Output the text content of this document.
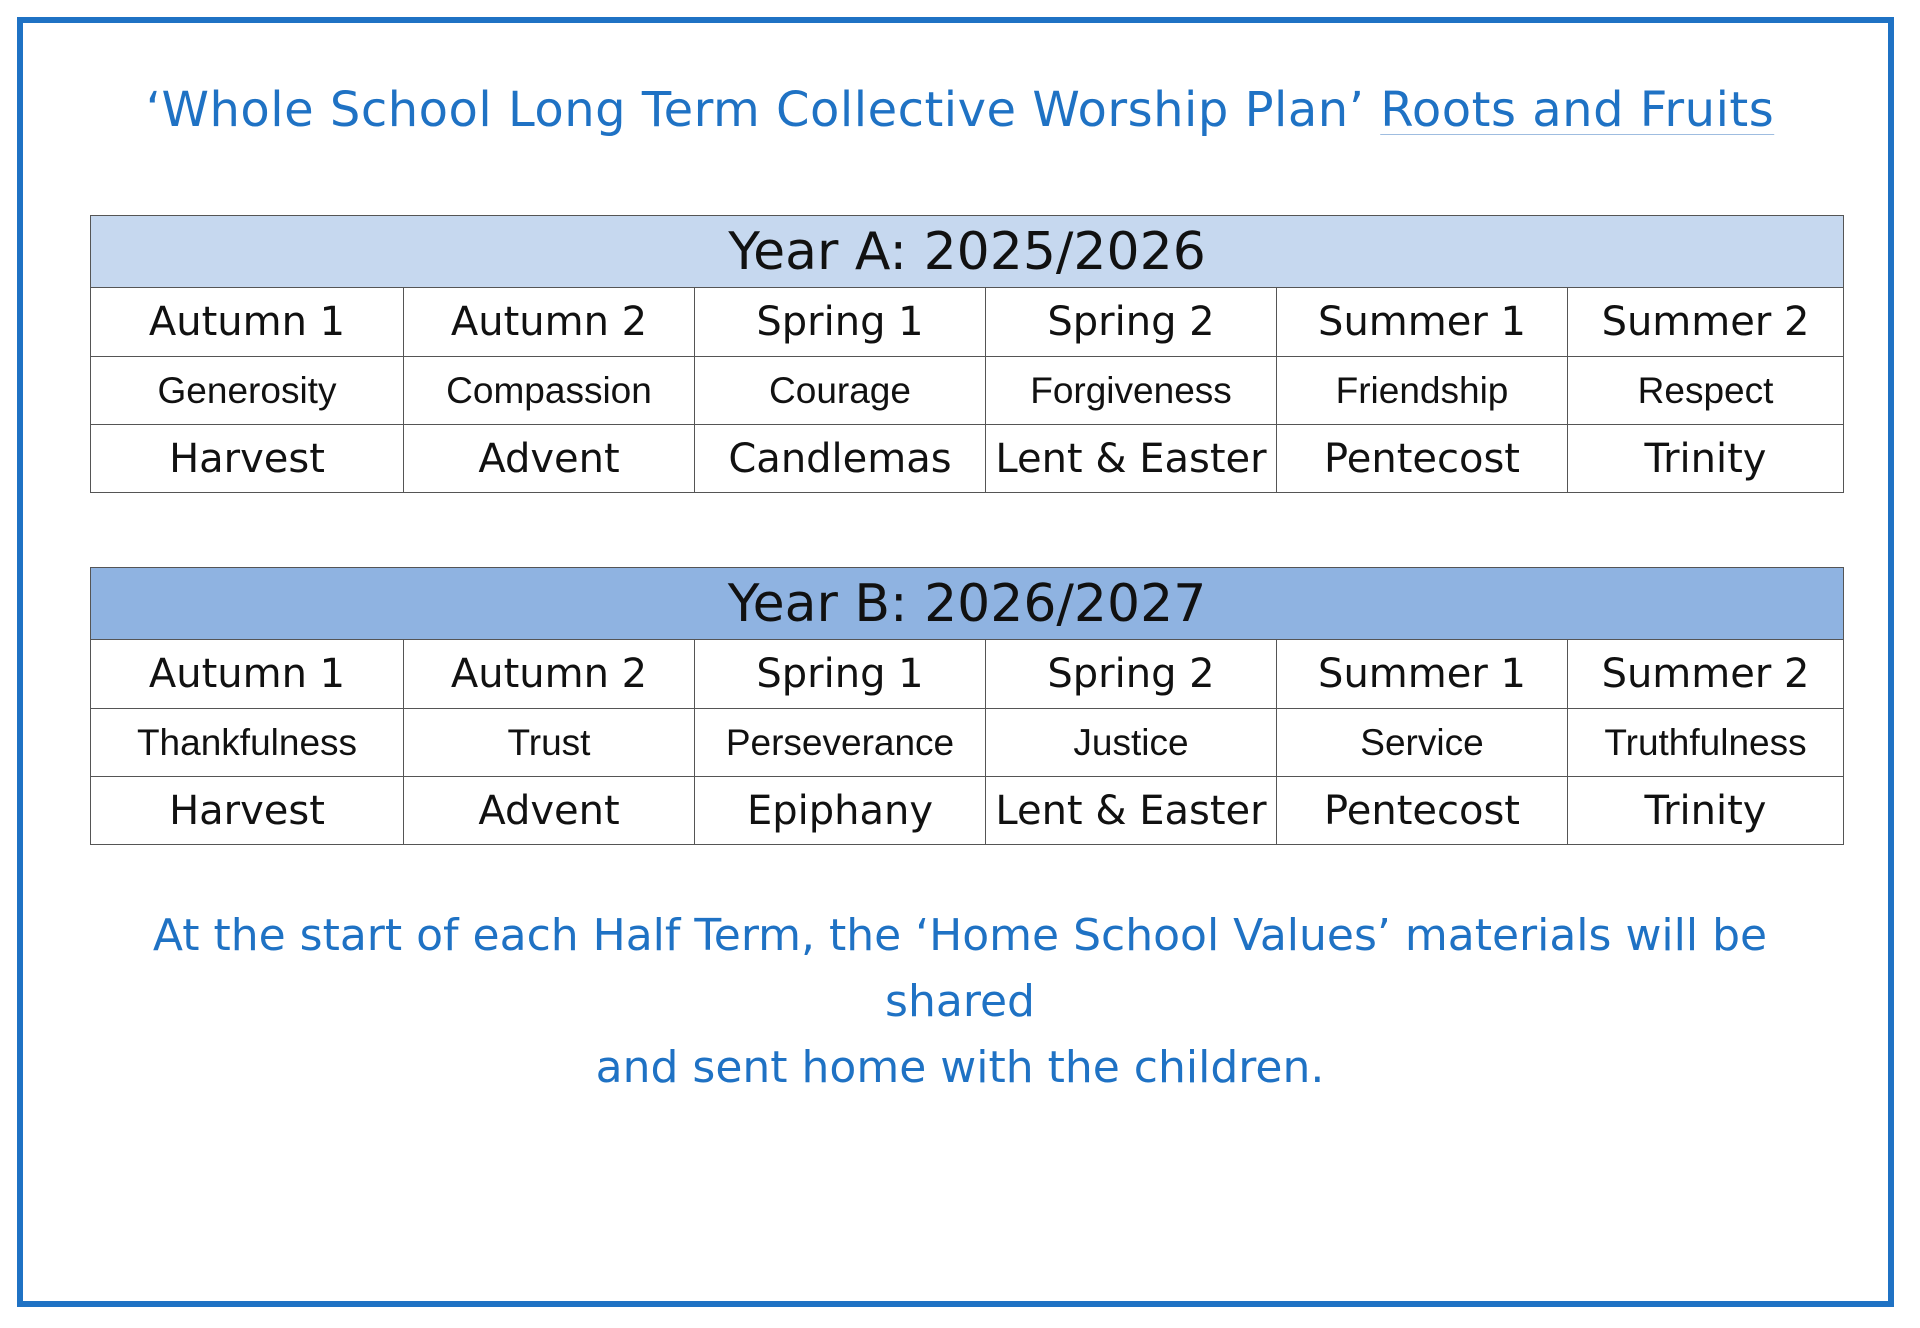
‘Whole School Long Term Collective Worship Plan’ Roots and Fruits
Year A: 2025/2026					
Autumn 1	Autumn 2	Spring 1	Spring 2	Summer 1	Summer 2
Generosity	Compassion	Courage	Forgiveness	Friendship	Respect
Harvest	Advent	Candlemas	Lent & Easter	Pentecost	Trinity
Year B: 2026/2027					
Autumn 1	Autumn 2	Spring 1	Spring 2	Summer 1	Summer 2
Thankfulness	Trust	Perseverance	Justice	Service	Truthfulness
Harvest	Advent	Epiphany	Lent & Easter	Pentecost	Trinity
At the start of each Half Term, the ‘Home School Values’ materials will be shared
and sent home with the children.
